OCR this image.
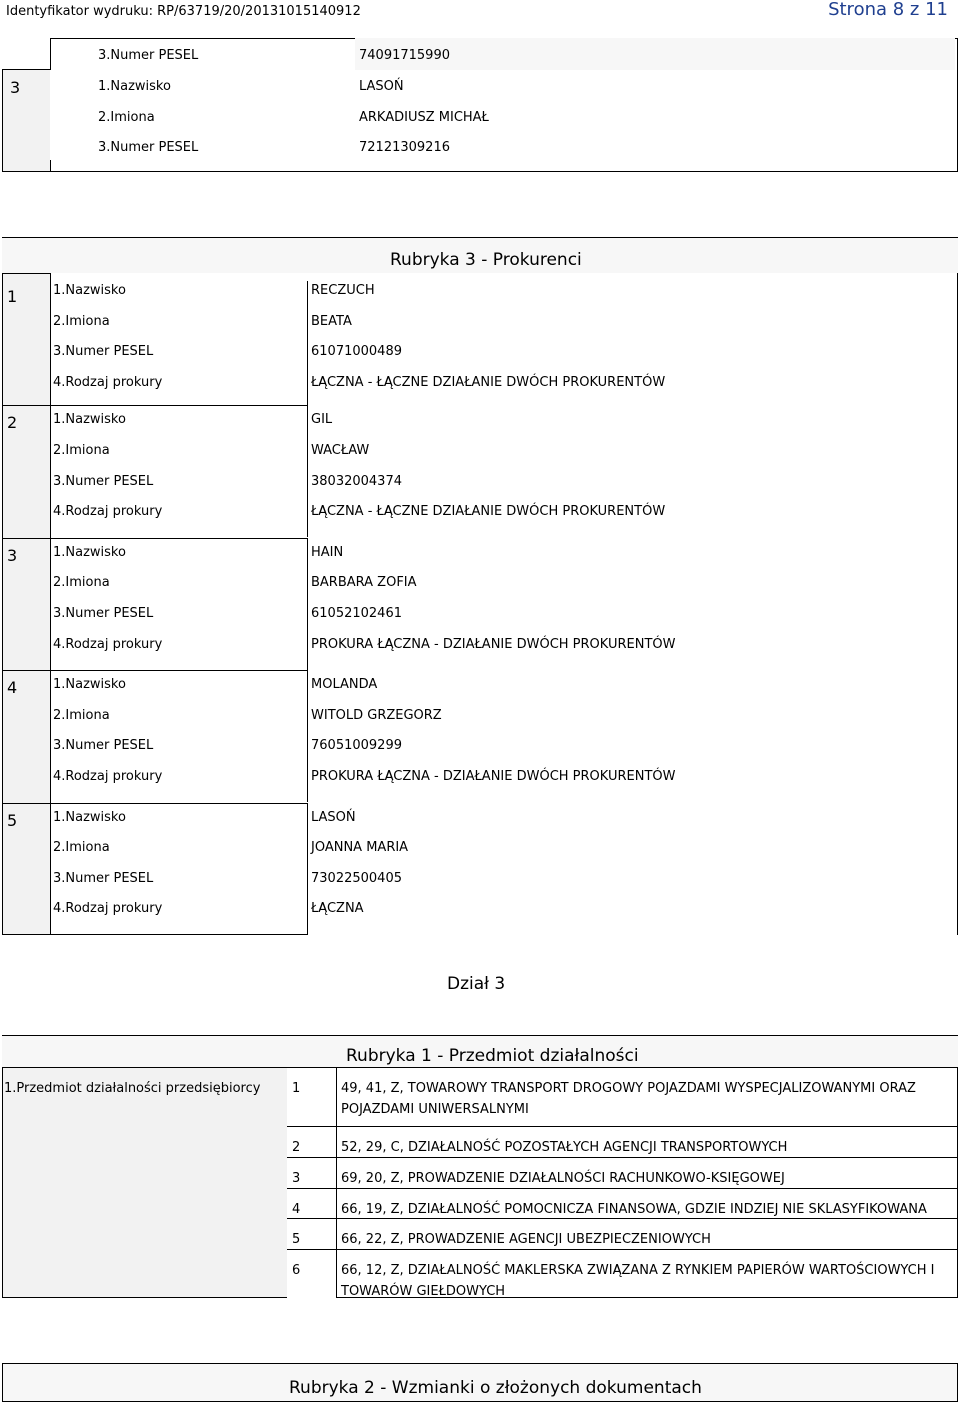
Identyfikator wydruku: RP/63719/20/20131015140912	Strona 8 z 11
3.Numer PESEL	74091715990
3	1.Nazwisko	LASOŃ
2.Imiona	ARKADIUSZ MICHAŁ
3.Numer PESEL	72121309216
Rubryka 3 - Prokurenci
1	1.Nazwisko	RECZUCH
2.Imiona	BEATA
3.Numer PESEL	61071000489
4.Rodzaj prokury	ŁĄCZNA - ŁĄCZNE DZIAŁANIE DWÓCH PROKURENTÓW
2	1.Nazwisko	GIL
2.Imiona	WACŁAW
3.Numer PESEL	38032004374
4.Rodzaj prokury	ŁĄCZNA - ŁĄCZNE DZIAŁANIE DWÓCH PROKURENTÓW
3	1.Nazwisko	HAIN
2.Imiona	BARBARA ZOFIA
3.Numer PESEL	61052102461
4.Rodzaj prokury	PROKURA ŁĄCZNA - DZIAŁANIE DWÓCH PROKURENTÓW
4	1.Nazwisko	MOLANDA
2.Imiona	WITOLD GRZEGORZ
3.Numer PESEL	76051009299
4.Rodzaj prokury	PROKURA ŁĄCZNA - DZIAŁANIE DWÓCH PROKURENTÓW
5	1.Nazwisko	LASOŃ
2.Imiona	JOANNA MARIA
3.Numer PESEL	73022500405
4.Rodzaj prokury	ŁĄCZNA
Dział 3
Rubryka 1 - Przedmiot działalności
1.Przedmiot działalności przedsiębiorcy 1	49, 41, Z, TOWAROWY TRANSPORT DROGOWY POJAZDAMI WYSPECJALIZOWANYMI ORAZ
POJAZDAMI UNIWERSALNYMI
2	52, 29, C, DZIAŁALNOŚĆ POZOSTAŁYCH AGENCJI TRANSPORTOWYCH
3	69, 20, Z, PROWADZENIE DZIAŁALNOŚCI RACHUNKOWO-KSIĘGOWEJ
4	66, 19, Z, DZIAŁALNOŚĆ POMOCNICZA FINANSOWA, GDZIE INDZIEJ NIE SKLASYFIKOWANA
5	66, 22, Z, PROWADZENIE AGENCJI UBEZPIECZENIOWYCH
6	66, 12, Z, DZIAŁALNOŚĆ MAKLERSKA ZWIĄZANA Z RYNKIEM PAPIERÓW WARTOŚCIOWYCH I
TOWARÓW GIEŁDOWYCH
Rubryka 2 - Wzmianki o złożonych dokumentach
